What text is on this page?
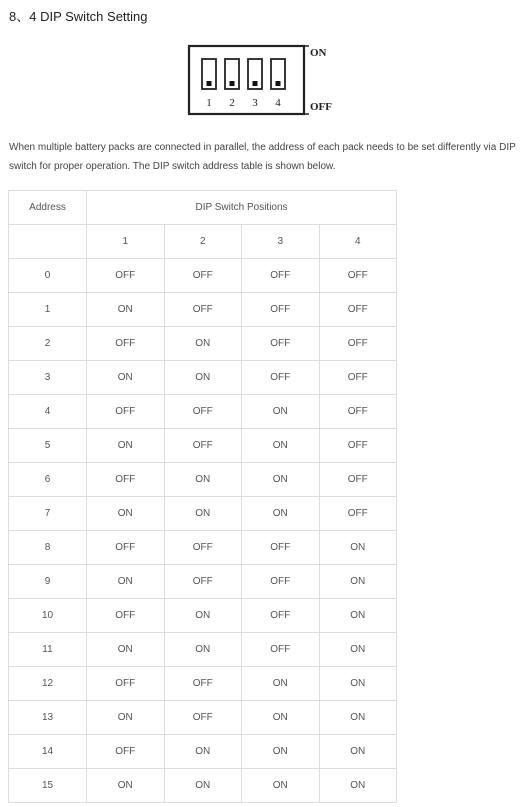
8、4 DIP Switch Setting
ON
OFF
1 2 3 4

When multiple battery packs are connected in parallel, the address of each pack needs to be set differently via DIP switch for proper operation. The DIP switch address table is shown below.

Address	DIP Switch Positions			
	1	2	3	4
0	OFF	OFF	OFF	OFF
1	ON	OFF	OFF	OFF
2	OFF	ON	OFF	OFF
3	ON	ON	OFF	OFF
4	OFF	OFF	ON	OFF
5	ON	OFF	ON	OFF
6	OFF	ON	ON	OFF
7	ON	ON	ON	OFF
8	OFF	OFF	OFF	ON
9	ON	OFF	OFF	ON
10	OFF	ON	OFF	ON
11	ON	ON	OFF	ON
12	OFF	OFF	ON	ON
13	ON	OFF	ON	ON
14	OFF	ON	ON	ON
15	ON	ON	ON	ON
